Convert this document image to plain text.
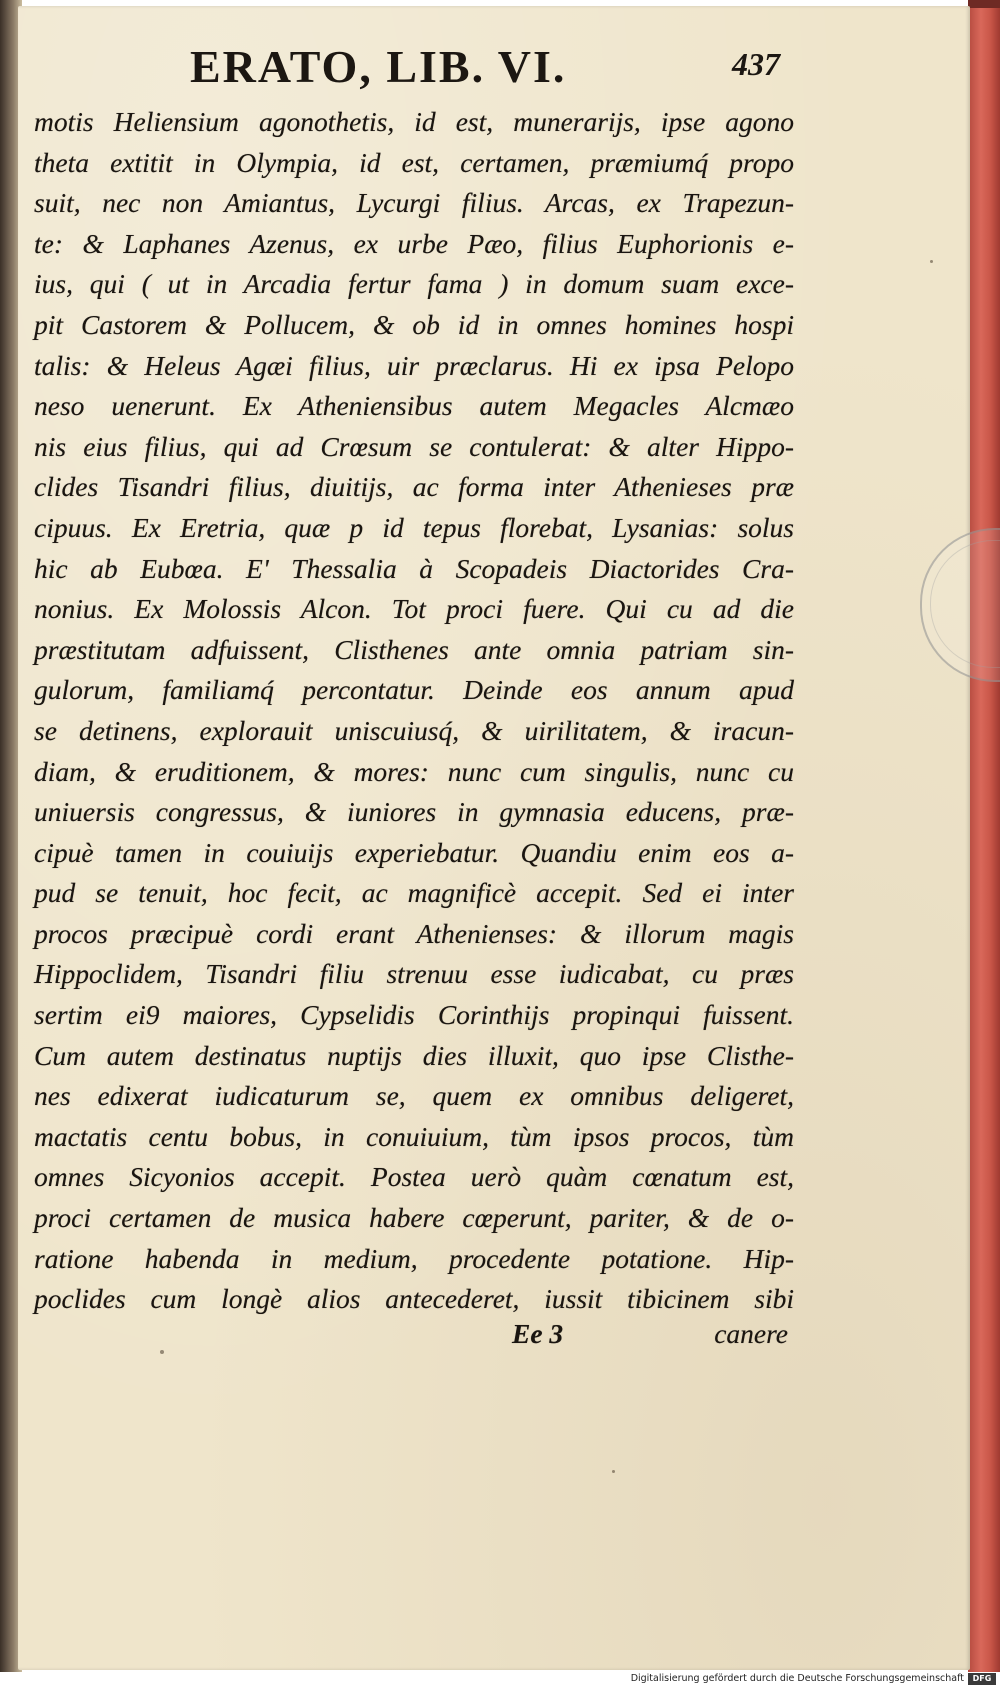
ERATO, LIB. VI.	437
motis Heliensium agonothetis, id est, munerarijs, ipse agono
theta extitit in Olympia, id est, certamen, præmiumq́ propo
suit, nec non Amiantus, Lycurgi filius. Arcas, ex Trapezun-
te: & Laphanes Azenus, ex urbe Pæo, filius Euphorionis e-
ius, qui ( ut in Arcadia fertur fama ) in domum suam exce-
pit Castorem & Pollucem, & ob id in omnes homines hospi
talis: & Heleus Agæi filius, uir præclarus. Hi ex ipsa Pelopo
neso uenerunt. Ex Atheniensibus autem Megacles Alcmæo
nis eius filius, qui ad Crœsum se contulerat: & alter Hippo-
clides Tisandri filius, diuitijs, ac forma inter Athenieses præ
cipuus. Ex Eretria, quæ p id tepus florebat, Lysanias: solus
hic ab Eubœa. E' Thessalia à Scopadeis Diactorides Cra-
nonius. Ex Molossis Alcon. Tot proci fuere. Qui cu ad die
præstitutam adfuissent, Clisthenes ante omnia patriam sin-
gulorum, familiamq́ percontatur. Deinde eos annum apud
se detinens, explorauit uniscuiusq́, & uirilitatem, & iracun-
diam, & eruditionem, & mores: nunc cum singulis, nunc cu
uniuersis congressus, & iuniores in gymnasia educens, præ-
cipuè tamen in couiuijs experiebatur. Quandiu enim eos a-
pud se tenuit, hoc fecit, ac magnificè accepit. Sed ei inter
procos præcipuè cordi erant Athenienses: & illorum magis
Hippoclidem, Tisandri filiu strenuu esse iudicabat, cu præs
sertim ei9 maiores, Cypselidis Corinthijs propinqui fuissent.
Cum autem destinatus nuptijs dies illuxit, quo ipse Clisthe-
nes edixerat iudicaturum se, quem ex omnibus deligeret,
mactatis centu bobus, in conuiuium, tùm ipsos procos, tùm
omnes Sicyonios accepit. Postea uerò quàm cœnatum est,
proci certamen de musica habere cœperunt, pariter, & de o-
ratione habenda in medium, procedente potatione. Hip-
poclides cum longè alios antecederet, iussit tibicinem sibi
Ee 3	canere
Digitalisierung gefördert durch die Deutsche Forschungsgemeinschaft	DFG
